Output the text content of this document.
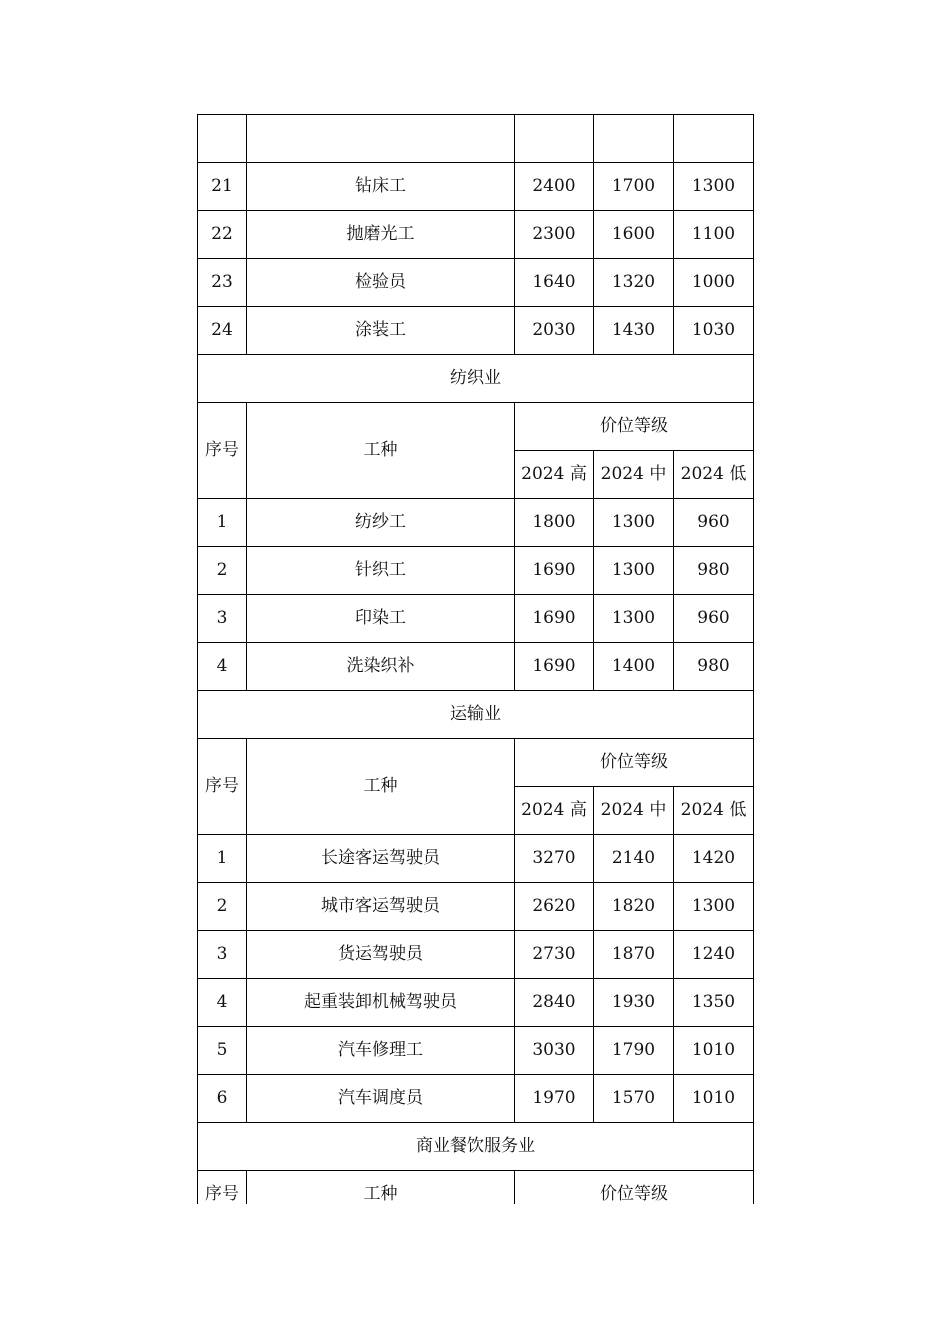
21	钻床工	2400	1700	1300
22	抛磨光工	2300	1600	1100
23	检验员	1640	1320	1000
24	涂装工	2030	1430	1030
纺织业				
序号	工种	价位等级		
		2024 高	2024 中	2024 低
1	纺纱工	1800	1300	960
2	针织工	1690	1300	980
3	印染工	1690	1300	960
4	洗染织补	1690	1400	980
运输业				
序号	工种	价位等级		
		2024 高	2024 中	2024 低
1	长途客运驾驶员	3270	2140	1420
2	城市客运驾驶员	2620	1820	1300
3	货运驾驶员	2730	1870	1240
4	起重装卸机械驾驶员	2840	1930	1350
5	汽车修理工	3030	1790	1010
6	汽车调度员	1970	1570	1010
商业餐饮服务业				
序号	工种	价位等级		
